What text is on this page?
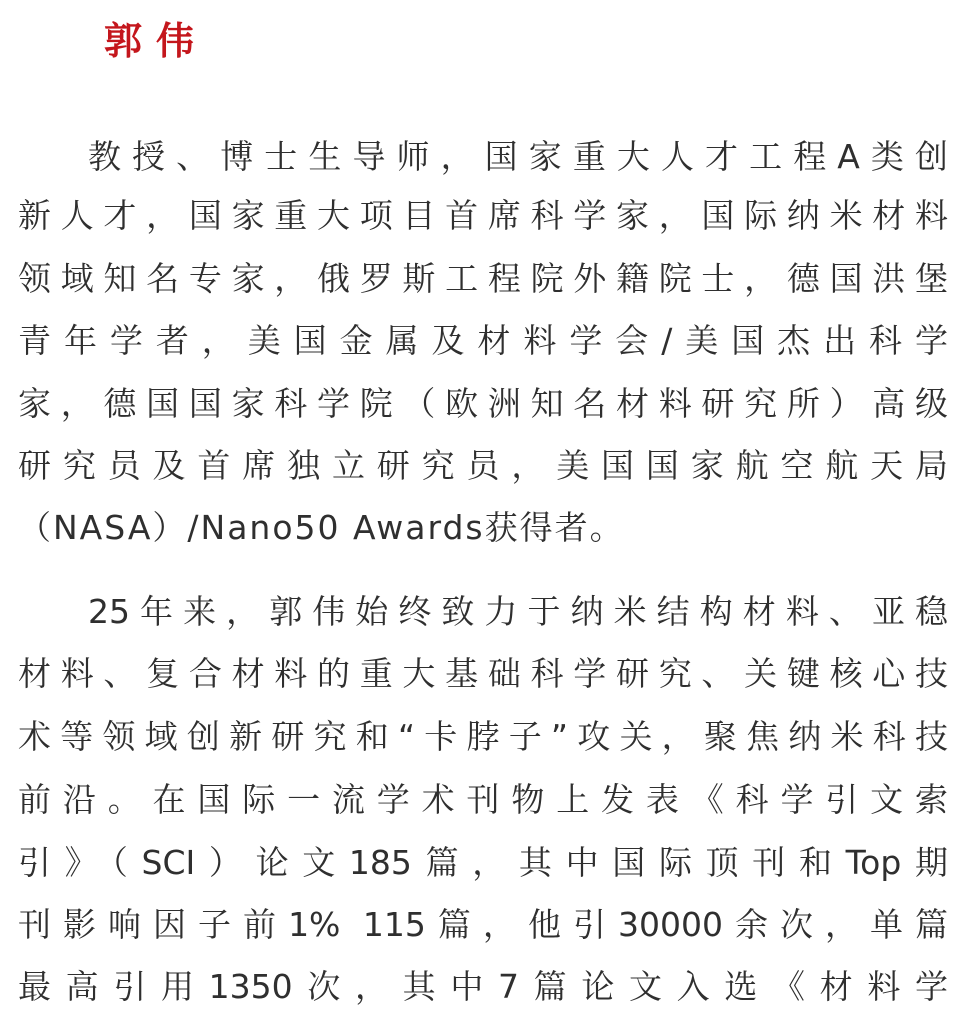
郭伟
教授、博士生导师，国家重大人才工程A类创
新人才，国家重大项目首席科学家，国际纳米材料
领域知名专家，俄罗斯工程院外籍院士，德国洪堡
青年学者，美国金属及材料学会/美国杰出科学
家，德国国家科学院（欧洲知名材料研究所）高级
研究员及首席独立研究员，美国国家航空航天局
（NASA）/Nano50 Awards获得者。
25年来，郭伟始终致力于纳米结构材料、亚稳
材料、复合材料的重大基础科学研究、关键核心技
术等领域创新研究和“卡脖子”攻关，聚焦纳米科技
前沿。在国际一流学术刊物上发表《科学引文索
引》（SCI）论文185篇，其中国际顶刊和Top期
刊影响因子前1% 115篇，他引30000余次，单篇
最高引用1350次，其中7篇论文入选《材料学
